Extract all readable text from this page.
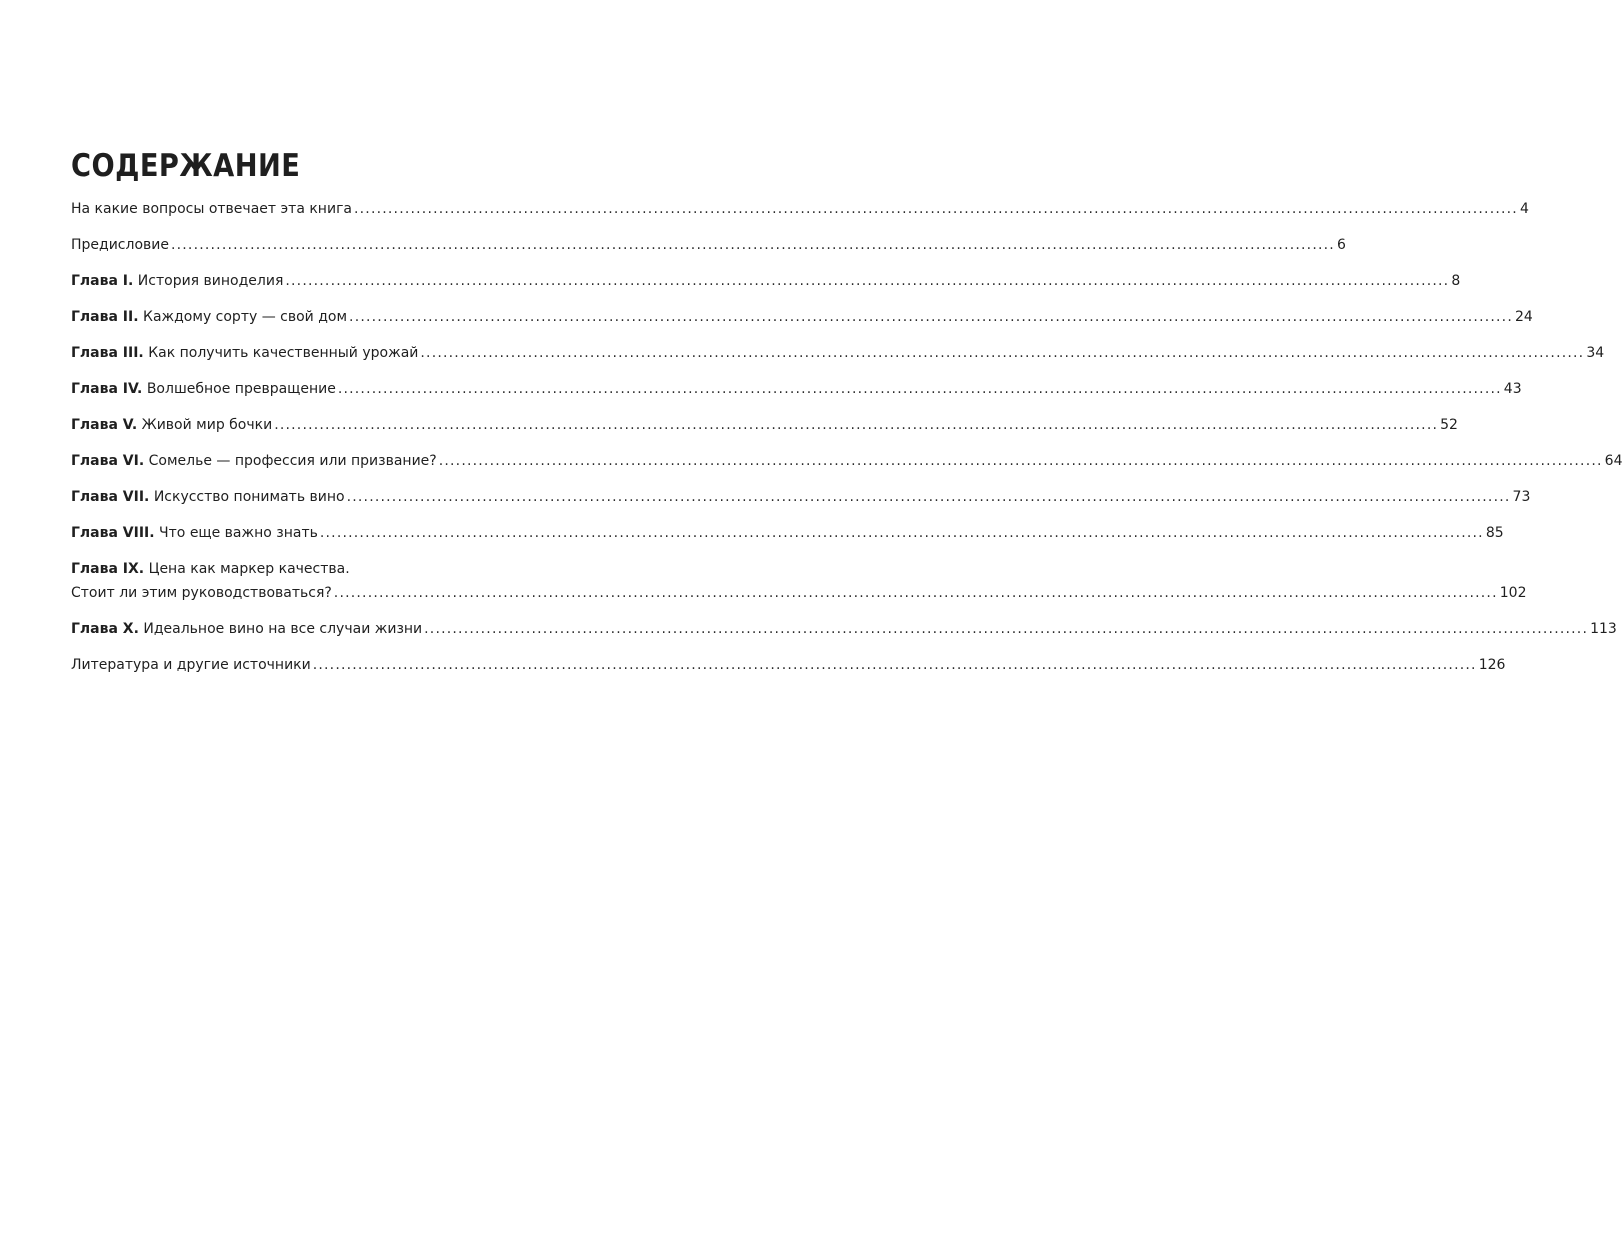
СОДЕРЖАНИЕ
На какие вопросы отвечает эта книга .....	4
Предисловие .....	6
Глава I. История виноделия .....	8
Глава II. Каждому сорту — свой дом .....	24
Глава III. Как получить качественный урожай .....	34
Глава IV. Волшебное превращение .....	43
Глава V. Живой мир бочки .....	52
Глава VI. Сомелье — профессия или призвание? .....	64
Глава VII. Искусство понимать вино .....	73
Глава VIII. Что еще важно знать .....	85
Глава IX. Цена как маркер качества.
Стоит ли этим руководствоваться? .....	102
Глава X. Идеальное вино на все случаи жизни .....	113
Литература и другие источники .....	126
